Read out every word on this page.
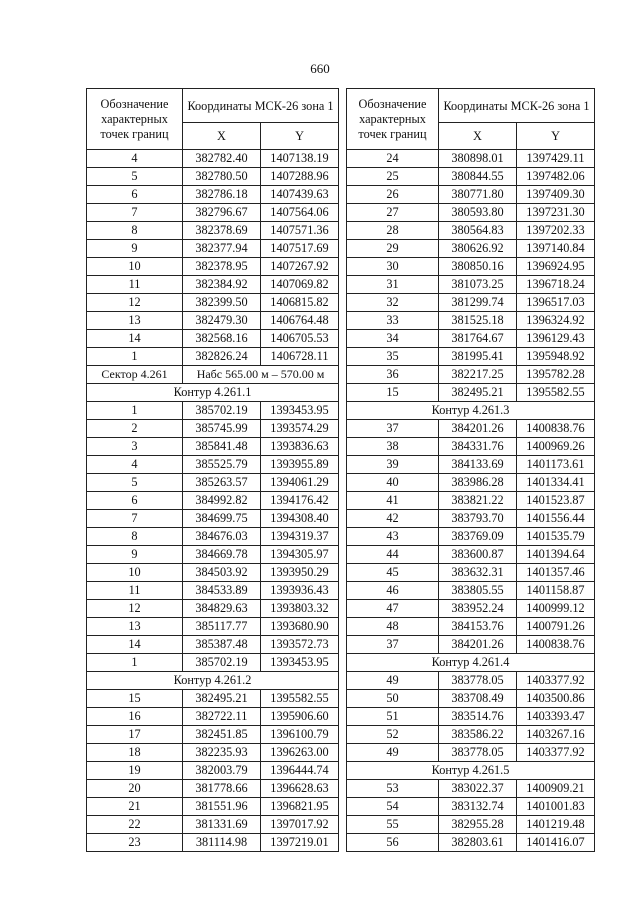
660
Обозначение характерных точек границ	Координаты МСК-26 зона 1	
	X	Y
4	382782.40	1407138.19
5	382780.50	1407288.96
6	382786.18	1407439.63
7	382796.67	1407564.06
8	382378.69	1407571.36
9	382377.94	1407517.69
10	382378.95	1407267.92
11	382384.92	1407069.82
12	382399.50	1406815.82
13	382479.30	1406764.48
14	382568.16	1406705.53
1	382826.24	1406728.11
Сектор 4.261	Набс 565.00 м – 570.00 м	
Контур 4.261.1		
1	385702.19	1393453.95
2	385745.99	1393574.29
3	385841.48	1393836.63
4	385525.79	1393955.89
5	385263.57	1394061.29
6	384992.82	1394176.42
7	384699.75	1394308.40
8	384676.03	1394319.37
9	384669.78	1394305.97
10	384503.92	1393950.29
11	384533.89	1393936.43
12	384829.63	1393803.32
13	385117.77	1393680.90
14	385387.48	1393572.73
1	385702.19	1393453.95
Контур 4.261.2		
15	382495.21	1395582.55
16	382722.11	1395906.60
17	382451.85	1396100.79
18	382235.93	1396263.00
19	382003.79	1396444.74
20	381778.66	1396628.63
21	381551.96	1396821.95
22	381331.69	1397017.92
23	381114.98	1397219.01
Обозначение характерных точек границ	Координаты МСК-26 зона 1	
	X	Y
24	380898.01	1397429.11
25	380844.55	1397482.06
26	380771.80	1397409.30
27	380593.80	1397231.30
28	380564.83	1397202.33
29	380626.92	1397140.84
30	380850.16	1396924.95
31	381073.25	1396718.24
32	381299.74	1396517.03
33	381525.18	1396324.92
34	381764.67	1396129.43
35	381995.41	1395948.92
36	382217.25	1395782.28
15	382495.21	1395582.55
Контур 4.261.3		
37	384201.26	1400838.76
38	384331.76	1400969.26
39	384133.69	1401173.61
40	383986.28	1401334.41
41	383821.22	1401523.87
42	383793.70	1401556.44
43	383769.09	1401535.79
44	383600.87	1401394.64
45	383632.31	1401357.46
46	383805.55	1401158.87
47	383952.24	1400999.12
48	384153.76	1400791.26
37	384201.26	1400838.76
Контур 4.261.4		
49	383778.05	1403377.92
50	383708.49	1403500.86
51	383514.76	1403393.47
52	383586.22	1403267.16
49	383778.05	1403377.92
Контур 4.261.5		
53	383022.37	1400909.21
54	383132.74	1401001.83
55	382955.28	1401219.48
56	382803.61	1401416.07
